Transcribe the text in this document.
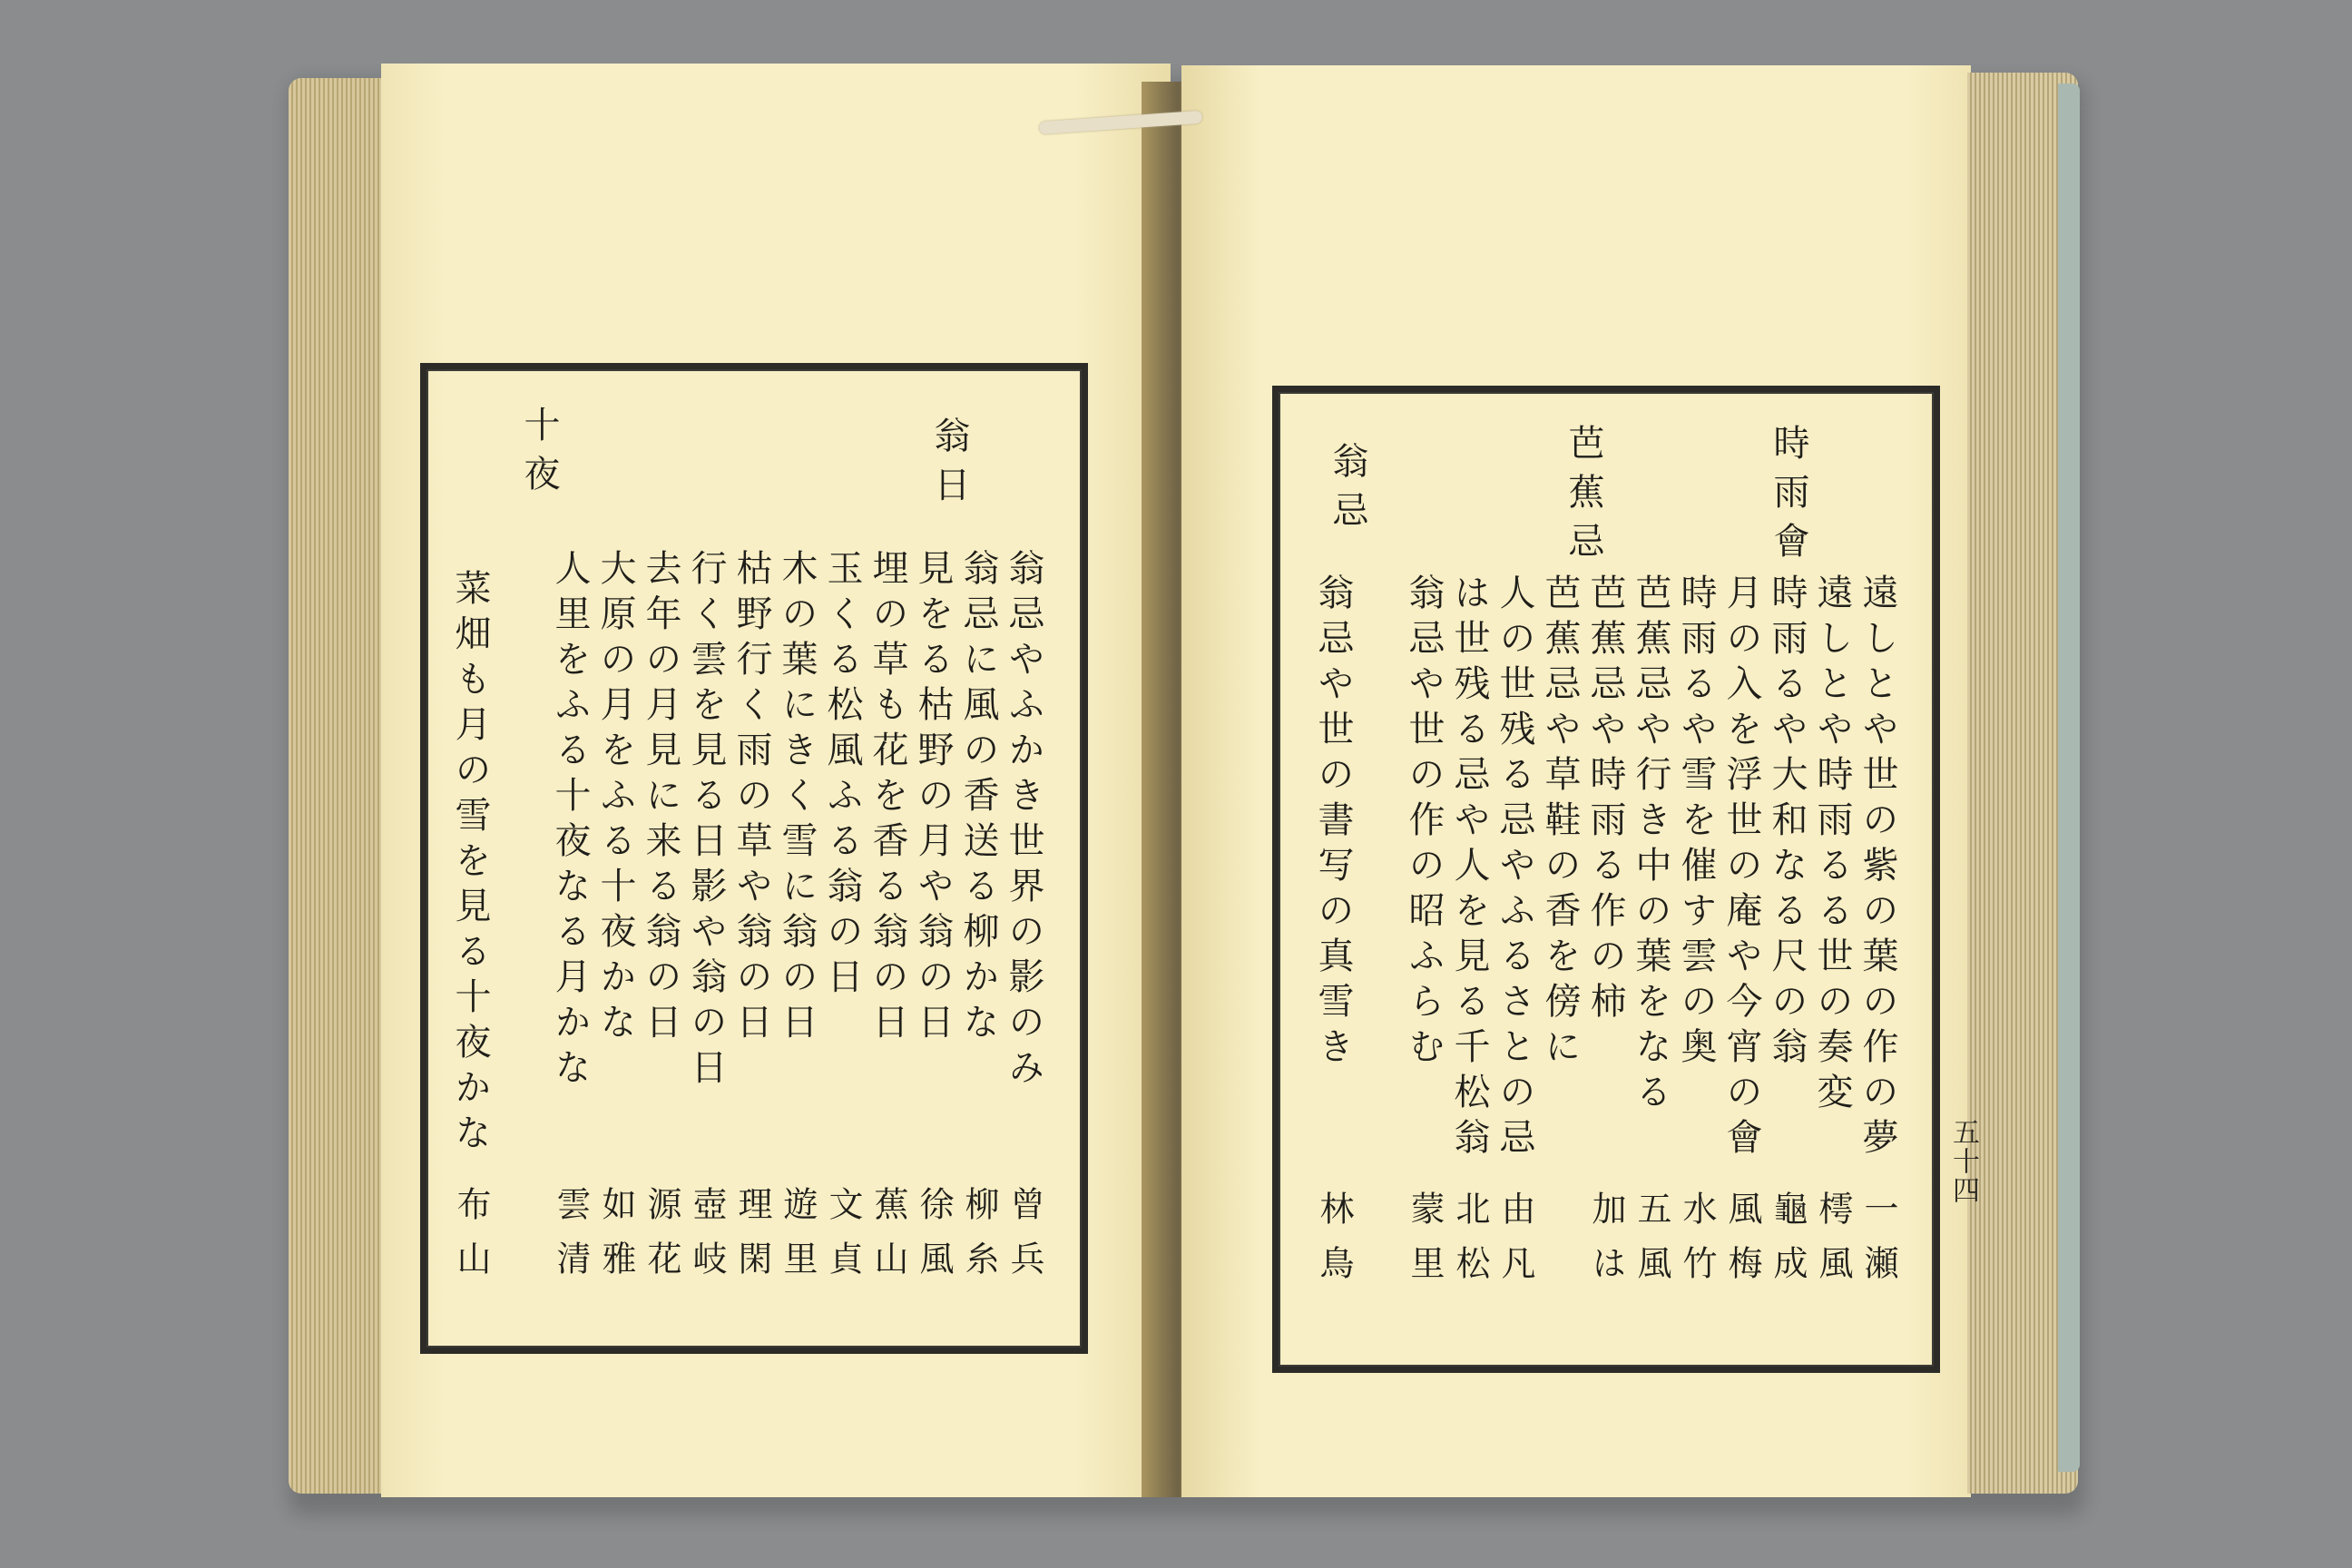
翁日
十夜
翁忌やふかき世界の影のみ
翁忌に風の香送る柳かな
見をる枯野の月や翁の日
埋の草も花を香る翁の日
玉くる松風ふる翁の日
木の葉にきく雪に翁の日
枯野行く雨の草や翁の日
行く雲を見る日影や翁の日
去年の月見に来る翁の日
大原の月をふる十夜かな
人里をふる十夜なる月かな
菜畑も月の雪を見る十夜かな
曾兵
柳糸
徐風
蕉山
文貞
遊里
理閑
壺岐
源花
如雅
雲清
布山
時雨會
芭蕉忌
翁忌
遠しとや世の紫の葉の作の夢
遠しとや時雨るる世の奏変
時雨るや大和なる尺の翁
月の入を浮世の庵や今宵の會
時雨るや雪を催す雲の奥
芭蕉忌や行き中の葉をなる
芭蕉忌や時雨る作の柿
芭蕉忌や草鞋の香を傍に
人の世残る忌やふるさとの忌
は世残る忌や人を見る千松翁
翁忌や世の作の昭ふらむ
翁忌や世の書写の真雪き
一瀬
樗風
龜成
風梅
水竹
五風
加は
由凡
北松
蒙里
林鳥
五十四
